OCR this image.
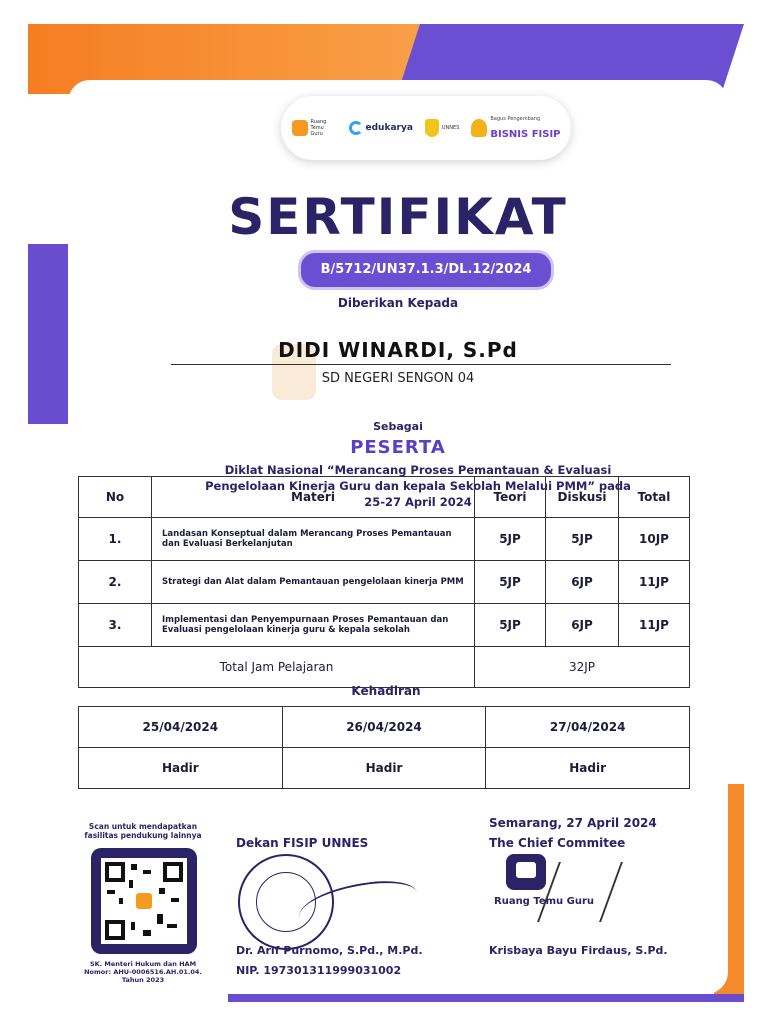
Ruang Temu Guru
edukarya	UNNES
Bagus Pengembang
BISNIS FISIP
SERTIFIKAT
B/5712/UN37.1.3/DL.12/2024
Diberikan Kepada
DIDI WINARDI, S.Pd
SD NEGERI SENGON 04
Sebagai
PESERTA
Diklat Nasional “Merancang Proses Pemantauan & Evaluasi
Pengelolaan Kinerja Guru dan kepala Sekolah Melalui PMM” pada
25-27 April 2024
No	Materi	Teori	Diskusi	Total
1.	Landasan Konseptual dalam Merancang Proses Pemantauan dan Evaluasi Berkelanjutan	5JP	5JP	10JP
2.	Strategi dan Alat dalam Pemantauan pengelolaan kinerja PMM	5JP	6JP	11JP
3.	Implementasi dan Penyempurnaan Proses Pemantauan dan Evaluasi pengelolaan kinerja guru & kepala sekolah	5JP	6JP	11JP
Total Jam Pelajaran		32JP		
Kehadiran
25/04/2024	26/04/2024	27/04/2024
Hadir	Hadir	Hadir
Scan untuk mendapatkan fasilitas pendukung lainnya
SK. Menteri Hukum dan HAM Nomor: AHU-0006516.AH.01.04. Tahun 2023
Dekan FISIP UNNES
Dr. Arif Purnomo, S.Pd., M.Pd.
NIP. 197301311999031002
Semarang, 27 April 2024
The Chief Commitee
Ruang Temu Guru
Krisbaya Bayu Firdaus, S.Pd.
